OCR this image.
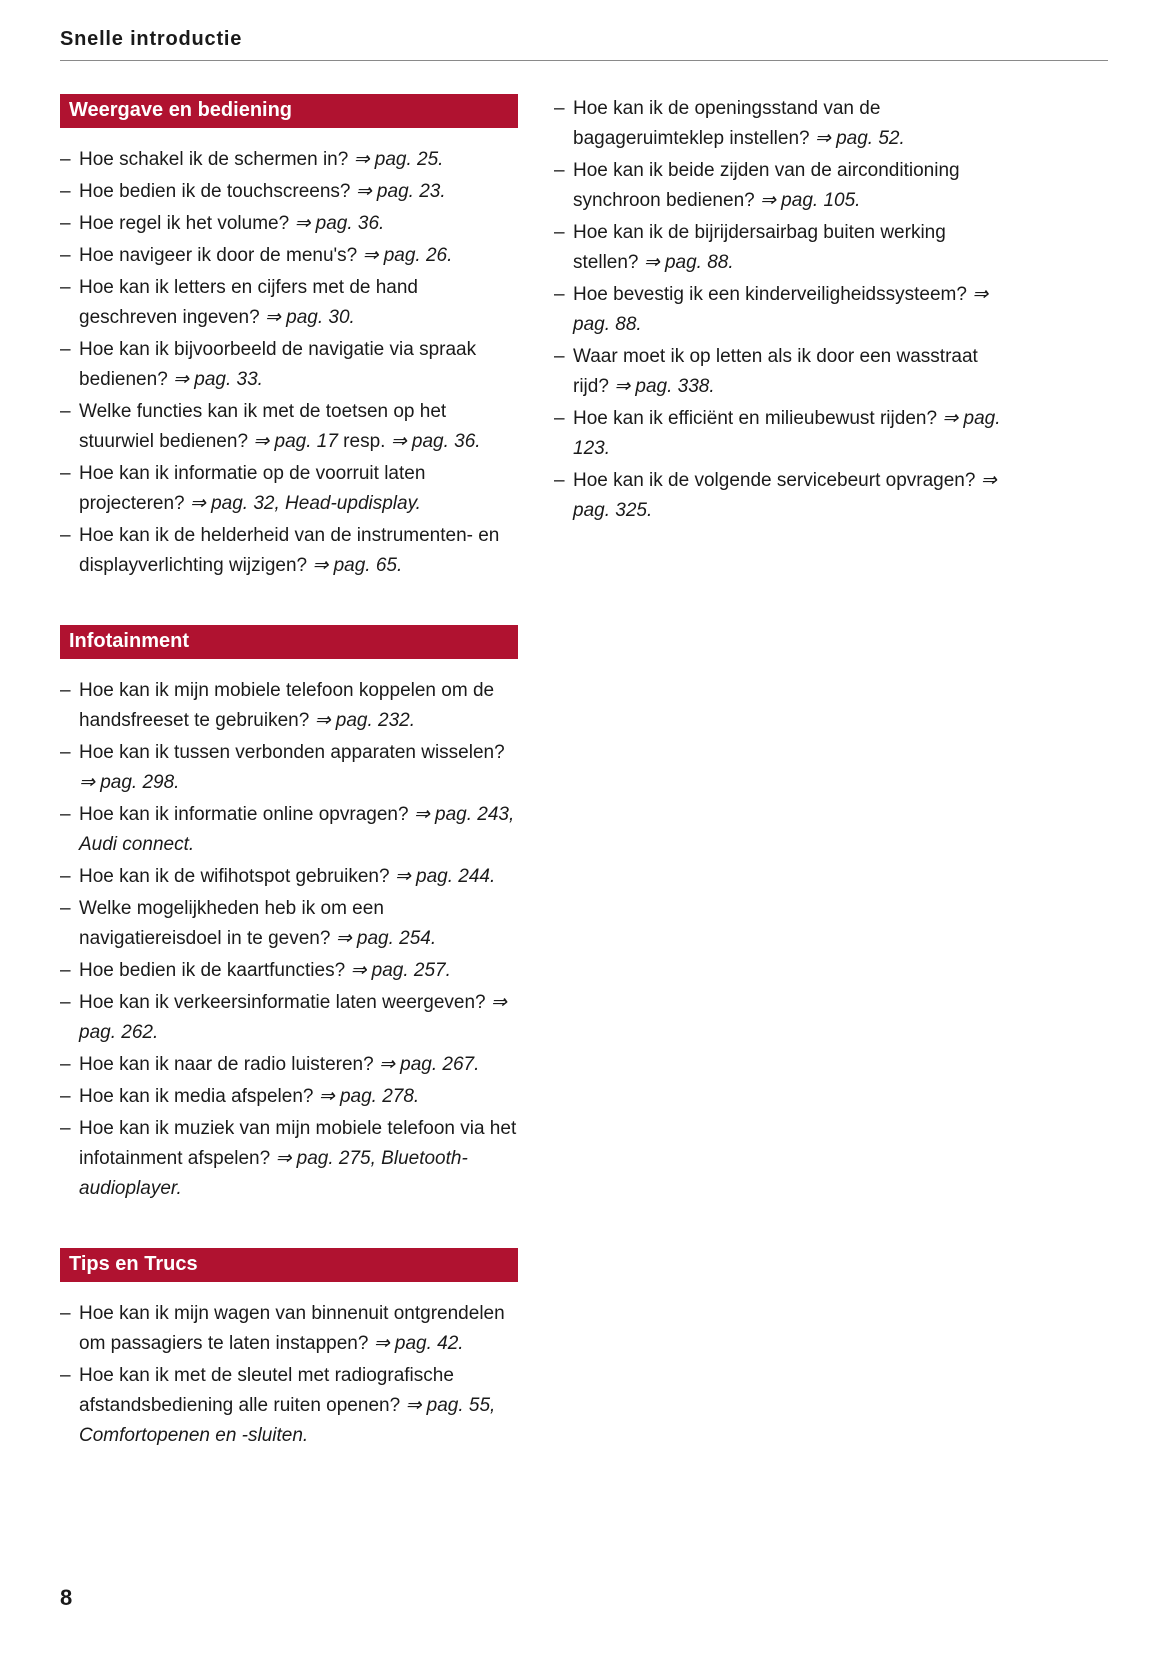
Snelle introductie
Weergave en bediening
– Hoe schakel ik de schermen in? ⇒ pag. 25.
– Hoe bedien ik de touchscreens? ⇒ pag. 23.
– Hoe regel ik het volume? ⇒ pag. 36.
– Hoe navigeer ik door de menu's? ⇒ pag. 26.
– Hoe kan ik letters en cijfers met de hand geschreven ingeven? ⇒ pag. 30.
– Hoe kan ik bijvoorbeeld de navigatie via spraak bedienen? ⇒ pag. 33.
– Welke functies kan ik met de toetsen op het stuurwiel bedienen? ⇒ pag. 17 resp. ⇒ pag. 36.
– Hoe kan ik informatie op de voorruit laten projecteren? ⇒ pag. 32, Head-updisplay.
– Hoe kan ik de helderheid van de instrumenten- en displayverlichting wijzigen? ⇒ pag. 65.
Infotainment
– Hoe kan ik mijn mobiele telefoon koppelen om de handsfreeset te gebruiken? ⇒ pag. 232.
– Hoe kan ik tussen verbonden apparaten wisselen? ⇒ pag. 298.
– Hoe kan ik informatie online opvragen? ⇒ pag. 243, Audi connect.
– Hoe kan ik de wifihotspot gebruiken? ⇒ pag. 244.
– Welke mogelijkheden heb ik om een navigatiereisdoel in te geven? ⇒ pag. 254.
– Hoe bedien ik de kaartfuncties? ⇒ pag. 257.
– Hoe kan ik verkeersinformatie laten weergeven? ⇒ pag. 262.
– Hoe kan ik naar de radio luisteren? ⇒ pag. 267.
– Hoe kan ik media afspelen? ⇒ pag. 278.
– Hoe kan ik muziek van mijn mobiele telefoon via het infotainment afspelen? ⇒ pag. 275, Bluetooth-audioplayer.
Tips en Trucs
– Hoe kan ik mijn wagen van binnenuit ontgrendelen om passagiers te laten instappen? ⇒ pag. 42.
– Hoe kan ik met de sleutel met radiografische afstandsbediening alle ruiten openen? ⇒ pag. 55, Comfortopenen en -sluiten.
– Hoe kan ik de openingsstand van de bagageruimteklep instellen? ⇒ pag. 52.
– Hoe kan ik beide zijden van de airconditioning synchroon bedienen? ⇒ pag. 105.
– Hoe kan ik de bijrijdersairbag buiten werking stellen? ⇒ pag. 88.
– Hoe bevestig ik een kinderveiligheidssysteem? ⇒ pag. 88.
– Waar moet ik op letten als ik door een wasstraat rijd? ⇒ pag. 338.
– Hoe kan ik efficiënt en milieubewust rijden? ⇒ pag. 123.
– Hoe kan ik de volgende servicebeurt opvragen? ⇒ pag. 325.
8
